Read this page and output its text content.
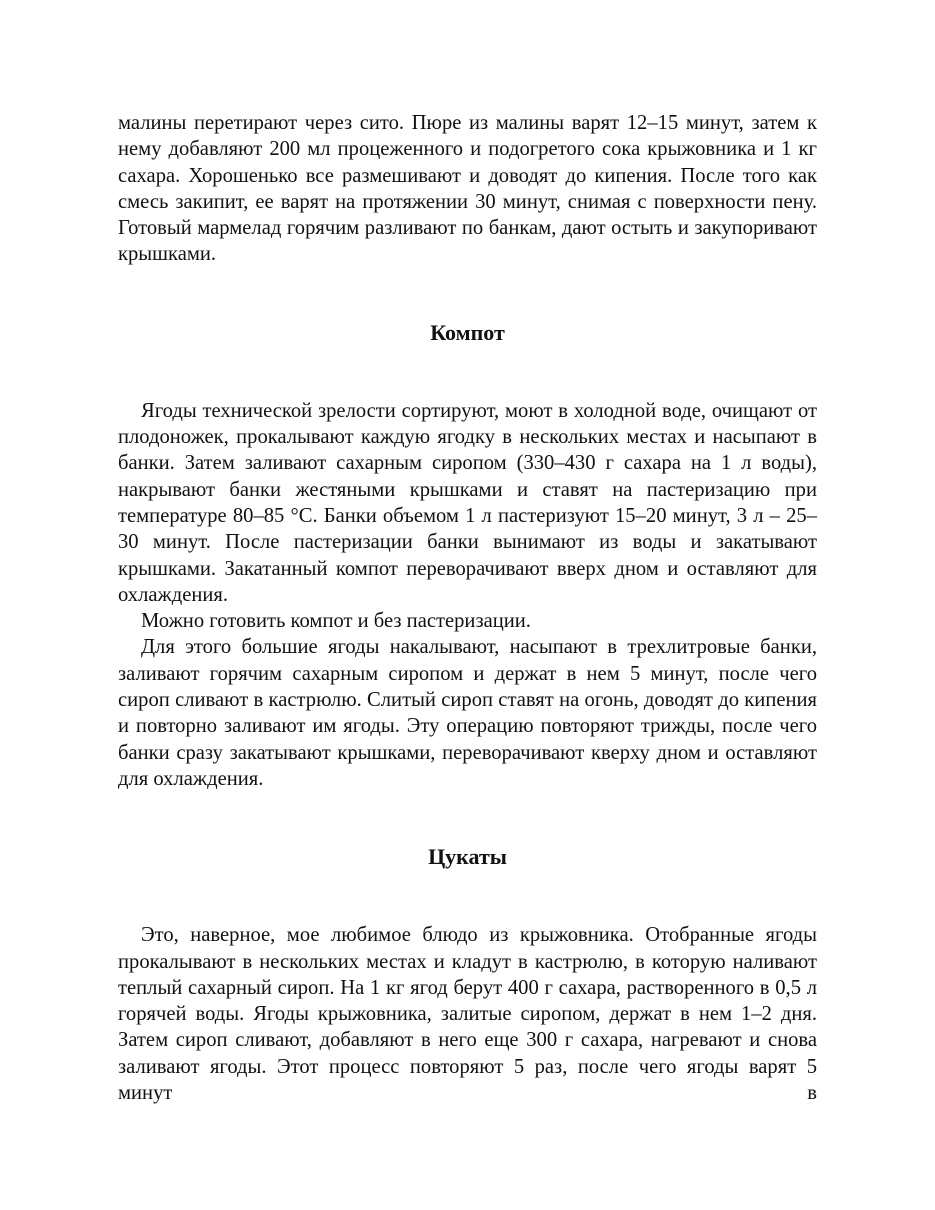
малины перетирают через сито. Пюре из малины варят 12–15 минут, затем к нему добавляют 200 мл процеженного и подогретого сока крыжовника и 1 кг сахара. Хорошенько все размешивают и доводят до кипения. После того как смесь закипит, ее варят на протяжении 30 минут, снимая с поверхности пену. Готовый мармелад горячим разливают по банкам, дают остыть и закупоривают крышками.

Компот

Ягоды технической зрелости сортируют, моют в холодной воде, очищают от плодоножек, прокалывают каждую ягодку в нескольких местах и насыпают в банки. Затем заливают сахарным сиропом (330–430 г сахара на 1 л воды), накрывают банки жестяными крышками и ставят на пастеризацию при температуре 80–85 °С. Банки объемом 1 л пастеризуют 15–20 минут, 3 л – 25–30 минут. После пастеризации банки вынимают из воды и закатывают крышками. Закатанный компот переворачивают вверх дном и оставляют для охлаждения.

Можно готовить компот и без пастеризации.

Для этого большие ягоды накалывают, насыпают в трехлитровые банки, заливают горячим сахарным сиропом и держат в нем 5 минут, после чего сироп сливают в кастрюлю. Слитый сироп ставят на огонь, доводят до кипения и повторно заливают им ягоды. Эту операцию повторяют трижды, после чего банки сразу закатывают крышками, переворачивают кверху дном и оставляют для охлаждения.

Цукаты

Это, наверное, мое любимое блюдо из крыжовника. Отобранные ягоды прокалывают в нескольких местах и кладут в кастрюлю, в которую наливают теплый сахарный сироп. На 1 кг ягод берут 400 г сахара, растворенного в 0,5 л горячей воды. Ягоды крыжовника, залитые сиропом, держат в нем 1–2 дня. Затем сироп сливают, добавляют в него еще 300 г сахара, нагревают и снова заливают ягоды. Этот процесс повторяют 5 раз, после чего ягоды варят 5 минут в
